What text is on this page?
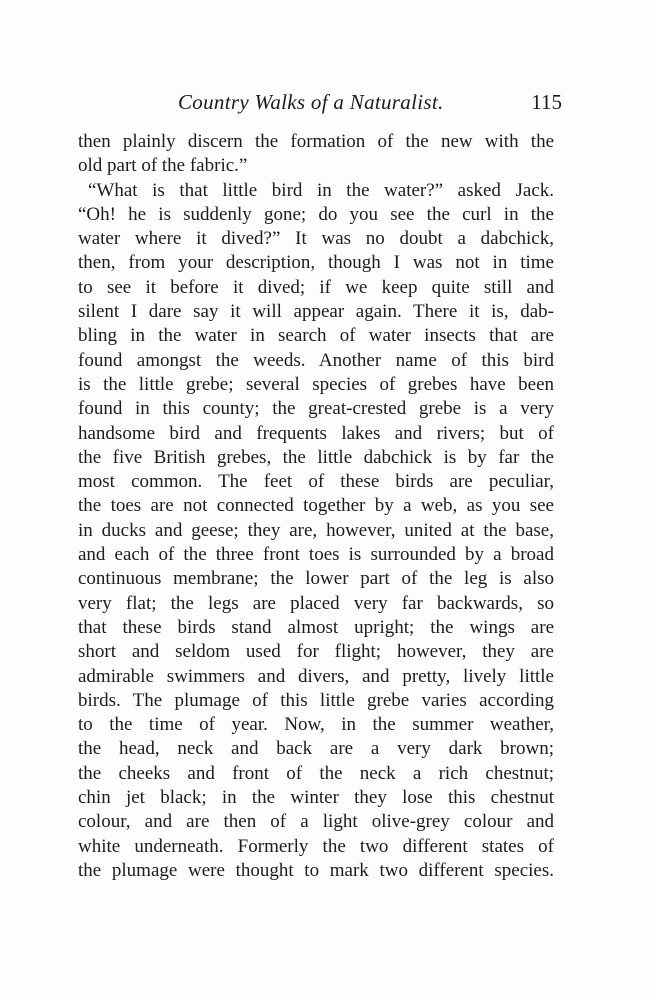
Country Walks of a Naturalist.	115
then plainly discern the formation of the new with the
old part of the fabric.”
“What is that little bird in the water?” asked Jack.
“Oh! he is suddenly gone; do you see the curl in the
water where it dived?” It was no doubt a dabchick,
then, from your description, though I was not in time
to see it before it dived; if we keep quite still and
silent I dare say it will appear again. There it is, dab-
bling in the water in search of water insects that are
found amongst the weeds. Another name of this bird
is the little grebe; several species of grebes have been
found in this county; the great-crested grebe is a very
handsome bird and frequents lakes and rivers; but of
the five British grebes, the little dabchick is by far the
most common. The feet of these birds are peculiar,
the toes are not connected together by a web, as you see
in ducks and geese; they are, however, united at the base,
and each of the three front toes is surrounded by a broad
continuous membrane; the lower part of the leg is also
very flat; the legs are placed very far backwards, so
that these birds stand almost upright; the wings are
short and seldom used for flight; however, they are
admirable swimmers and divers, and pretty, lively little
birds. The plumage of this little grebe varies according
to the time of year. Now, in the summer weather,
the head, neck and back are a very dark brown;
the cheeks and front of the neck a rich chestnut;
chin jet black; in the winter they lose this chestnut
colour, and are then of a light olive-grey colour and
white underneath. Formerly the two different states of
the plumage were thought to mark two different species.
